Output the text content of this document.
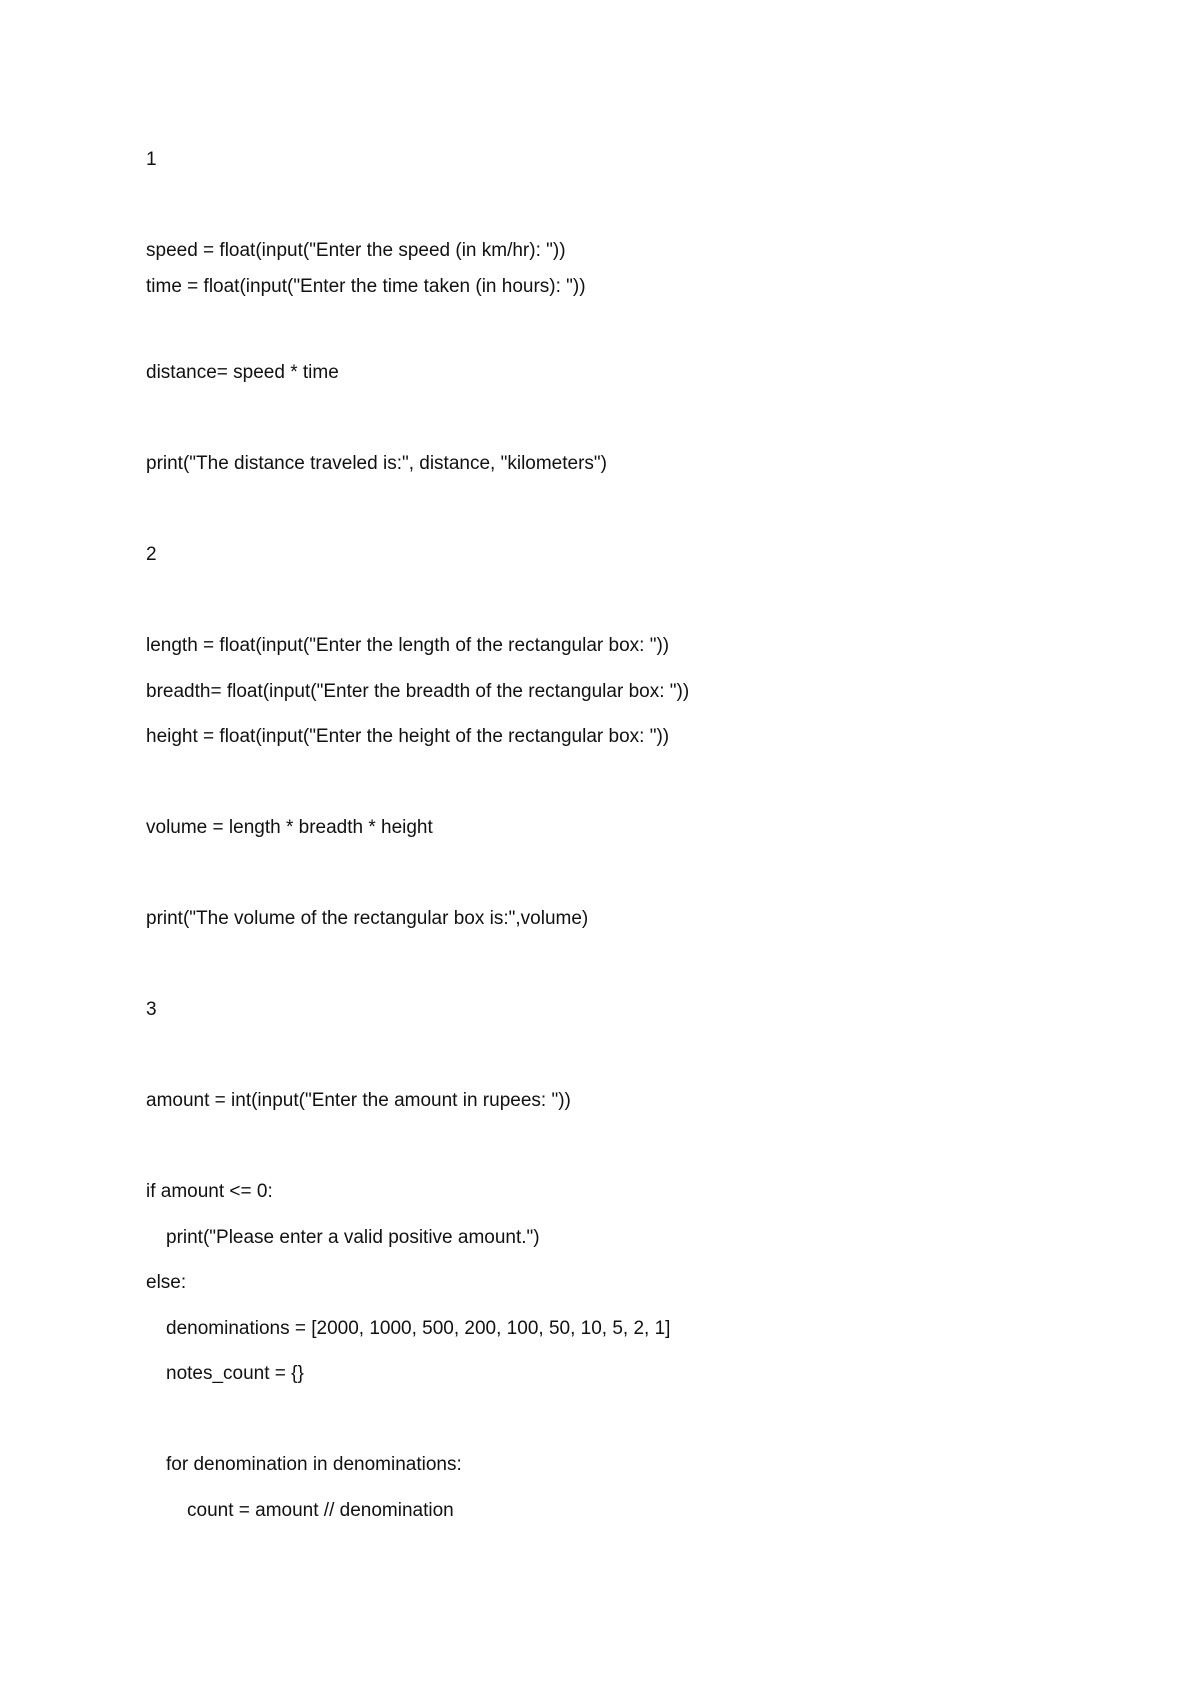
1
speed = float(input("Enter the speed (in km/hr): "))
time = float(input("Enter the time taken (in hours): "))
distance= speed * time
print("The distance traveled is:", distance, "kilometers")
2
length = float(input("Enter the length of the rectangular box: "))
breadth= float(input("Enter the breadth of the rectangular box: "))
height = float(input("Enter the height of the rectangular box: "))
volume = length * breadth * height
print("The volume of the rectangular box is:",volume)
3
amount = int(input("Enter the amount in rupees: "))
if amount <= 0:
print("Please enter a valid positive amount.")
else:
denominations = [2000, 1000, 500, 200, 100, 50, 10, 5, 2, 1]
notes_count = {}
for denomination in denominations:
count = amount // denomination
